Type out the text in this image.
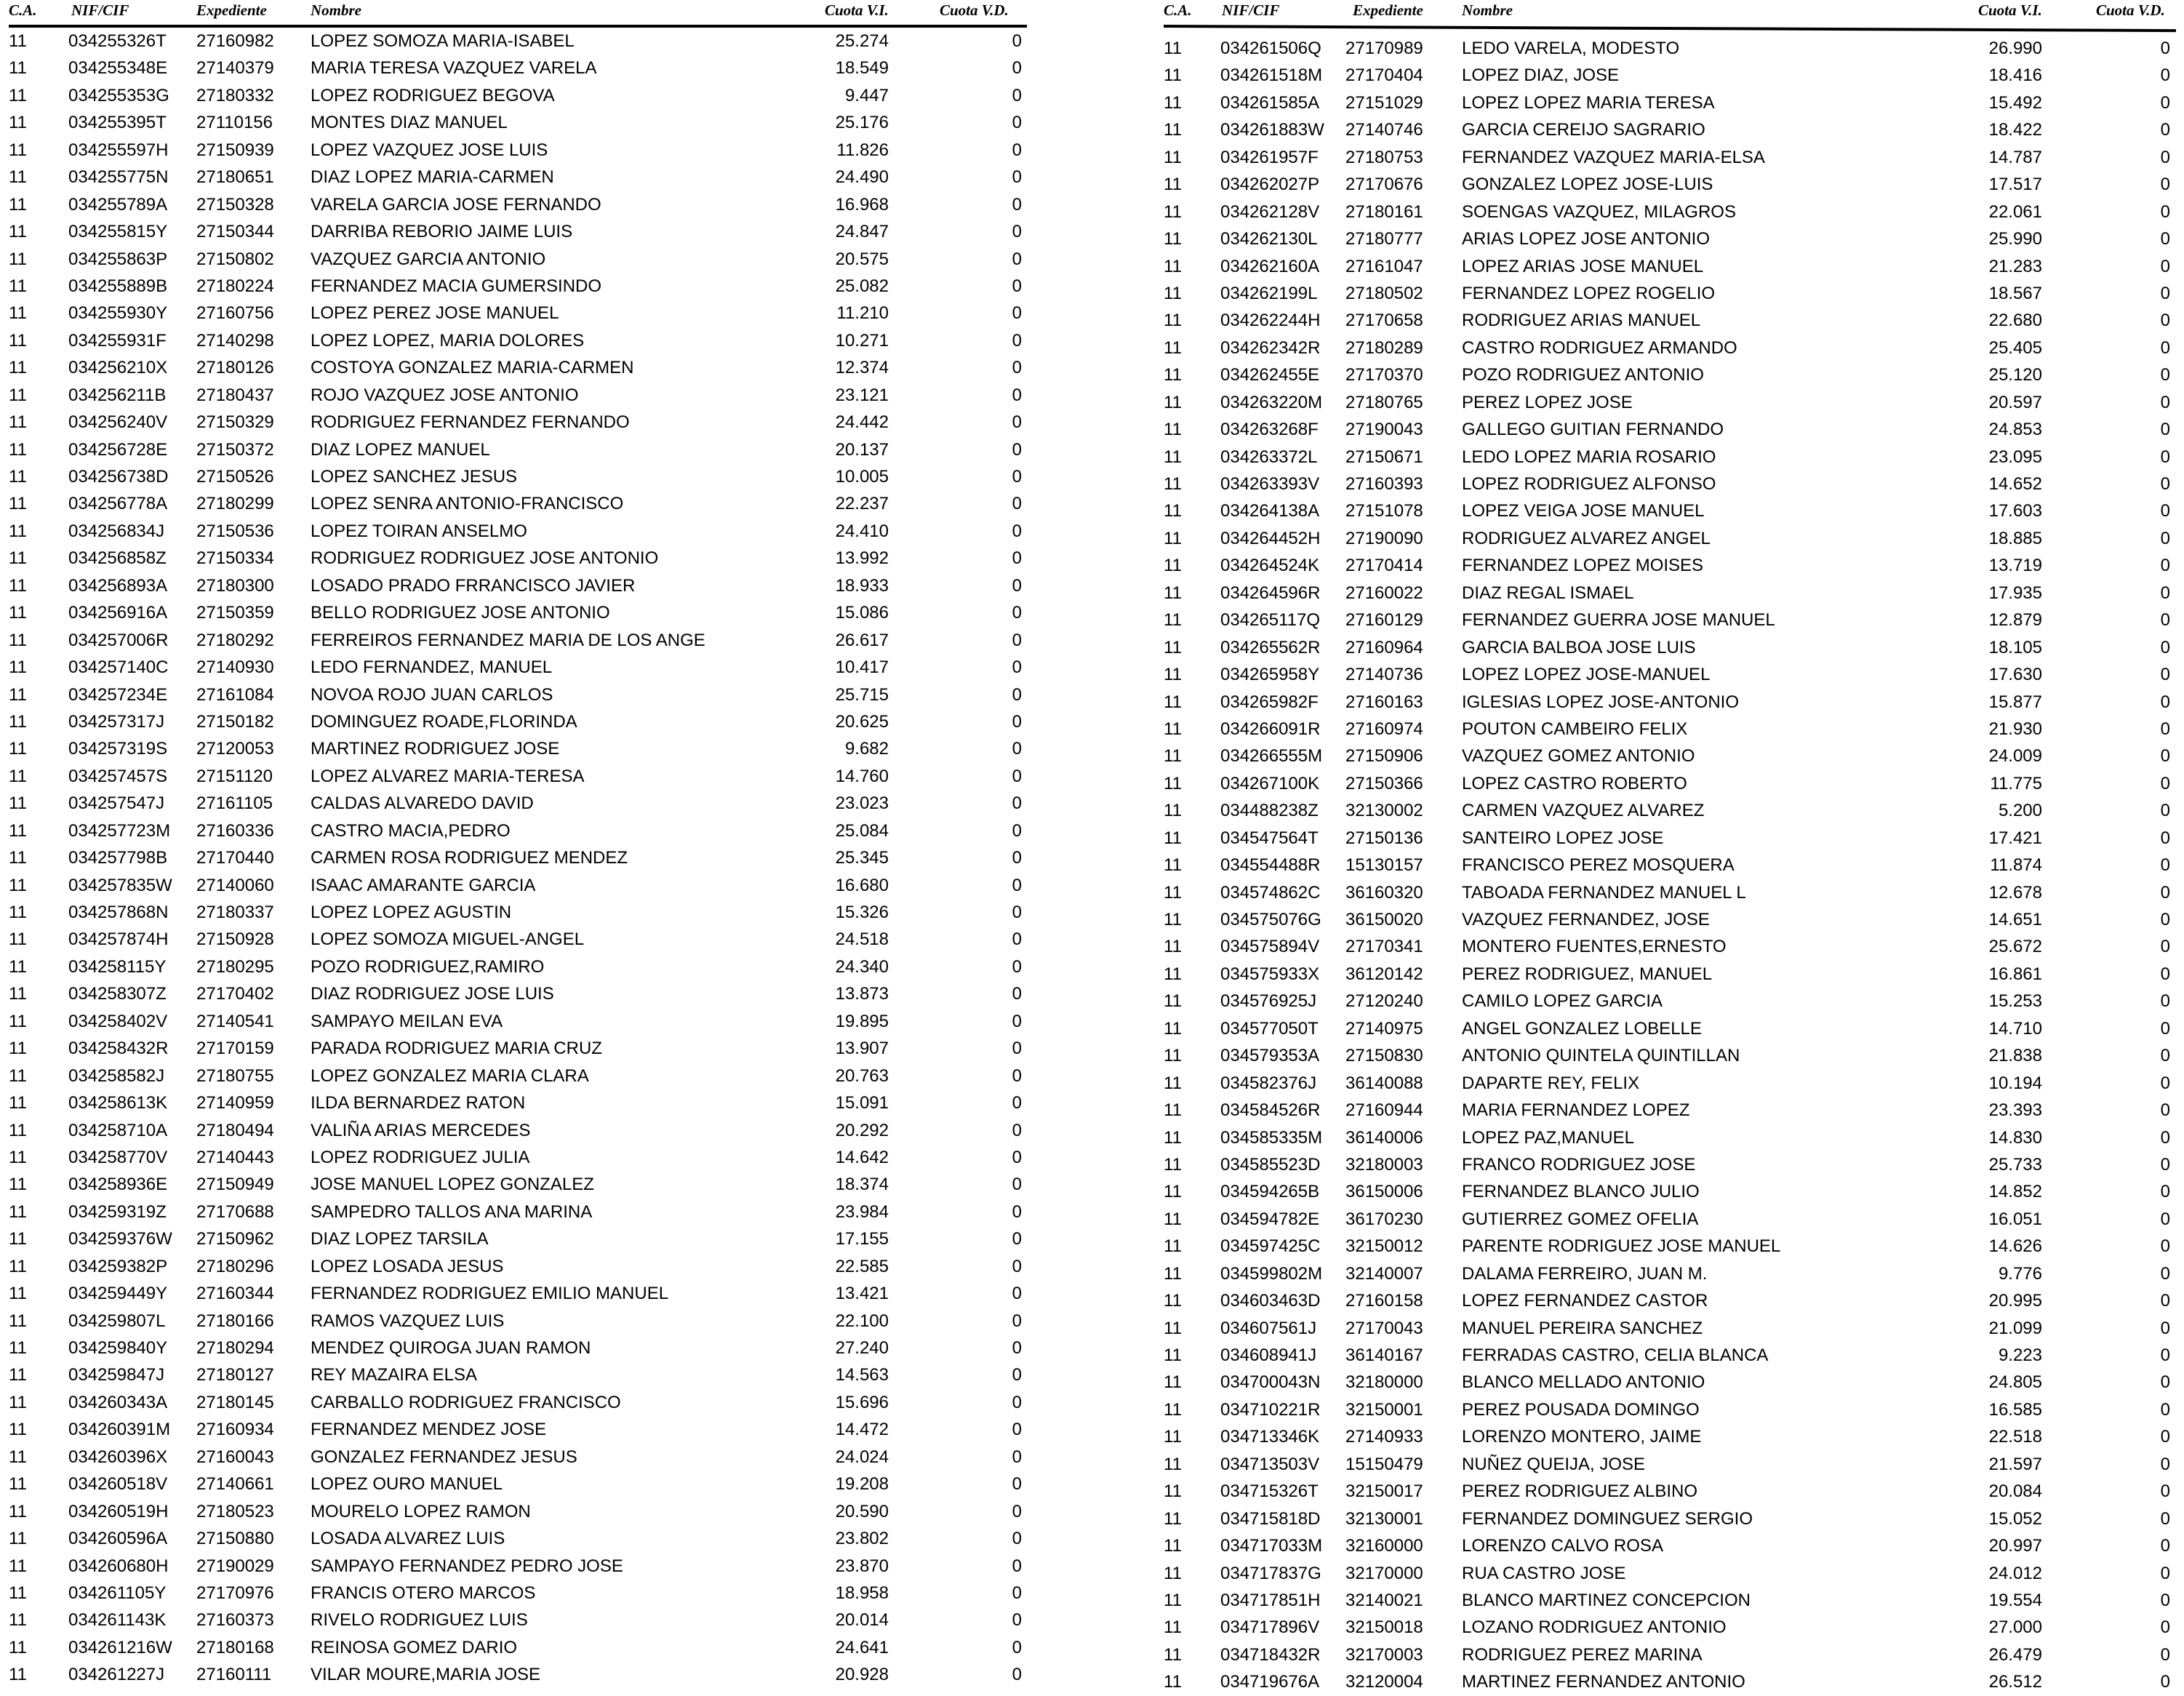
C.A. NIF/CIF	Expediente	Nombre	Cuota V.I.	Cuota V.D.
11 034255326T 27160982 LOPEZ SOMOZA MARIA-ISABEL	25.274	0
11 034255348E 27140379 MARIA TERESA VAZQUEZ VARELA	18.549	0
11 034255353G 27180332 LOPEZ RODRIGUEZ BEGOVA	9.447	0
11 034255395T 27110156 MONTES DIAZ MANUEL	25.176	0
11 034255597H 27150939 LOPEZ VAZQUEZ JOSE LUIS	11.826	0
11 034255775N 27180651 DIAZ LOPEZ MARIA-CARMEN	24.490	0
11 034255789A 27150328 VARELA GARCIA JOSE FERNANDO	16.968	0
11 034255815Y 27150344 DARRIBA REBORIO JAIME LUIS	24.847	0
11 034255863P 27150802 VAZQUEZ GARCIA ANTONIO	20.575	0
11 034255889B 27180224 FERNANDEZ MACIA GUMERSINDO	25.082	0
11 034255930Y 27160756 LOPEZ PEREZ JOSE MANUEL	11.210	0
11 034255931F 27140298 LOPEZ LOPEZ, MARIA DOLORES	10.271	0
11 034256210X 27180126 COSTOYA GONZALEZ MARIA-CARMEN	12.374	0
11 034256211B 27180437 ROJO VAZQUEZ JOSE ANTONIO	23.121	0
11 034256240V 27150329 RODRIGUEZ FERNANDEZ FERNANDO	24.442	0
11 034256728E 27150372 DIAZ LOPEZ MANUEL	20.137	0
11 034256738D 27150526 LOPEZ SANCHEZ JESUS	10.005	0
11 034256778A 27180299 LOPEZ SENRA ANTONIO-FRANCISCO	22.237	0
11 034256834J 27150536 LOPEZ TOIRAN ANSELMO	24.410	0
11 034256858Z 27150334 RODRIGUEZ RODRIGUEZ JOSE ANTONIO	13.992	0
11 034256893A 27180300 LOSADO PRADO FRRANCISCO JAVIER	18.933	0
11 034256916A 27150359 BELLO RODRIGUEZ JOSE ANTONIO	15.086	0
11 034257006R 27180292 FERREIROS FERNANDEZ MARIA DE LOS ANGE	26.617	0
11 034257140C 27140930 LEDO FERNANDEZ, MANUEL	10.417	0
11 034257234E 27161084 NOVOA ROJO JUAN CARLOS	25.715	0
11 034257317J 27150182 DOMINGUEZ ROADE,FLORINDA	20.625	0
11 034257319S 27120053 MARTINEZ RODRIGUEZ JOSE	9.682	0
11 034257457S 27151120 LOPEZ ALVAREZ MARIA-TERESA	14.760	0
11 034257547J 27161105 CALDAS ALVAREDO DAVID	23.023	0
11 034257723M 27160336 CASTRO MACIA,PEDRO	25.084	0
11 034257798B 27170440 CARMEN ROSA RODRIGUEZ MENDEZ	25.345	0
11 034257835W 27140060 ISAAC AMARANTE GARCIA	16.680	0
11 034257868N 27180337 LOPEZ LOPEZ AGUSTIN	15.326	0
11 034257874H 27150928 LOPEZ SOMOZA MIGUEL-ANGEL	24.518	0
11 034258115Y 27180295 POZO RODRIGUEZ,RAMIRO	24.340	0
11 034258307Z 27170402 DIAZ RODRIGUEZ JOSE LUIS	13.873	0
11 034258402V 27140541 SAMPAYO MEILAN EVA	19.895	0
11 034258432R 27170159 PARADA RODRIGUEZ MARIA CRUZ	13.907	0
11 034258582J 27180755 LOPEZ GONZALEZ MARIA CLARA	20.763	0
11 034258613K 27140959 ILDA BERNARDEZ RATON	15.091	0
11 034258710A 27180494 VALIÑA ARIAS MERCEDES	20.292	0
11 034258770V 27140443 LOPEZ RODRIGUEZ JULIA	14.642	0
11 034258936E 27150949 JOSE MANUEL LOPEZ GONZALEZ	18.374	0
11 034259319Z 27170688 SAMPEDRO TALLOS ANA MARINA	23.984	0
11 034259376W 27150962 DIAZ LOPEZ TARSILA	17.155	0
11 034259382P 27180296 LOPEZ LOSADA JESUS	22.585	0
11 034259449Y 27160344 FERNANDEZ RODRIGUEZ EMILIO MANUEL	13.421	0
11 034259807L 27180166 RAMOS VAZQUEZ LUIS	22.100	0
11 034259840Y 27180294 MENDEZ QUIROGA JUAN RAMON	27.240	0
11 034259847J 27180127 REY MAZAIRA ELSA	14.563	0
11 034260343A 27180145 CARBALLO RODRIGUEZ FRANCISCO	15.696	0
11 034260391M 27160934 FERNANDEZ MENDEZ JOSE	14.472	0
11 034260396X 27160043 GONZALEZ FERNANDEZ JESUS	24.024	0
11 034260518V 27140661 LOPEZ OURO MANUEL	19.208	0
11 034260519H 27180523 MOURELO LOPEZ RAMON	20.590	0
11 034260596A 27150880 LOSADA ALVAREZ LUIS	23.802	0
11 034260680H 27190029 SAMPAYO FERNANDEZ PEDRO JOSE	23.870	0
11 034261105Y 27170976 FRANCIS OTERO MARCOS	18.958	0
11 034261143K 27160373 RIVELO RODRIGUEZ LUIS	20.014	0
11 034261216W 27180168 REINOSA GOMEZ DARIO	24.641	0
11 034261227J 27160111 VILAR MOURE,MARIA JOSE	20.928	0
C.A. NIF/CIF	Expediente	Nombre	Cuota V.I.	Cuota V.D.
11 034261506Q 27170989 LEDO VARELA, MODESTO	26.990	0
11 034261518M 27170404 LOPEZ DIAZ, JOSE	18.416	0
11 034261585A 27151029 LOPEZ LOPEZ MARIA TERESA	15.492	0
11 034261883W 27140746 GARCIA CEREIJO SAGRARIO	18.422	0
11 034261957F 27180753 FERNANDEZ VAZQUEZ MARIA-ELSA	14.787	0
11 034262027P 27170676 GONZALEZ LOPEZ JOSE-LUIS	17.517	0
11 034262128V 27180161 SOENGAS VAZQUEZ, MILAGROS	22.061	0
11 034262130L 27180777 ARIAS LOPEZ JOSE ANTONIO	25.990	0
11 034262160A 27161047 LOPEZ ARIAS JOSE MANUEL	21.283	0
11 034262199L 27180502 FERNANDEZ LOPEZ ROGELIO	18.567	0
11 034262244H 27170658 RODRIGUEZ ARIAS MANUEL	22.680	0
11 034262342R 27180289 CASTRO RODRIGUEZ ARMANDO	25.405	0
11 034262455E 27170370 POZO RODRIGUEZ ANTONIO	25.120	0
11 034263220M 27180765 PEREZ LOPEZ JOSE	20.597	0
11 034263268F 27190043 GALLEGO GUITIAN FERNANDO	24.853	0
11 034263372L 27150671 LEDO LOPEZ MARIA ROSARIO	23.095	0
11 034263393V 27160393 LOPEZ RODRIGUEZ ALFONSO	14.652	0
11 034264138A 27151078 LOPEZ VEIGA JOSE MANUEL	17.603	0
11 034264452H 27190090 RODRIGUEZ ALVAREZ ANGEL	18.885	0
11 034264524K 27170414 FERNANDEZ LOPEZ MOISES	13.719	0
11 034264596R 27160022 DIAZ REGAL ISMAEL	17.935	0
11 034265117Q 27160129 FERNANDEZ GUERRA JOSE MANUEL	12.879	0
11 034265562R 27160964 GARCIA BALBOA JOSE LUIS	18.105	0
11 034265958Y 27140736 LOPEZ LOPEZ JOSE-MANUEL	17.630	0
11 034265982F 27160163 IGLESIAS LOPEZ JOSE-ANTONIO	15.877	0
11 034266091R 27160974 POUTON CAMBEIRO FELIX	21.930	0
11 034266555M 27150906 VAZQUEZ GOMEZ ANTONIO	24.009	0
11 034267100K 27150366 LOPEZ CASTRO ROBERTO	11.775	0
11 034488238Z 32130002 CARMEN VAZQUEZ ALVAREZ	5.200	0
11 034547564T 27150136 SANTEIRO LOPEZ JOSE	17.421	0
11 034554488R 15130157 FRANCISCO PEREZ MOSQUERA	11.874	0
11 034574862C 36160320 TABOADA FERNANDEZ MANUEL L	12.678	0
11 034575076G 36150020 VAZQUEZ FERNANDEZ, JOSE	14.651	0
11 034575894V 27170341 MONTERO FUENTES,ERNESTO	25.672	0
11 034575933X 36120142 PEREZ RODRIGUEZ, MANUEL	16.861	0
11 034576925J 27120240 CAMILO LOPEZ GARCIA	15.253	0
11 034577050T 27140975 ANGEL GONZALEZ LOBELLE	14.710	0
11 034579353A 27150830 ANTONIO QUINTELA QUINTILLAN	21.838	0
11 034582376J 36140088 DAPARTE REY, FELIX	10.194	0
11 034584526R 27160944 MARIA FERNANDEZ LOPEZ	23.393	0
11 034585335M 36140006 LOPEZ PAZ,MANUEL	14.830	0
11 034585523D 32180003 FRANCO RODRIGUEZ JOSE	25.733	0
11 034594265B 36150006 FERNANDEZ BLANCO JULIO	14.852	0
11 034594782E 36170230 GUTIERREZ GOMEZ OFELIA	16.051	0
11 034597425C 32150012 PARENTE RODRIGUEZ JOSE MANUEL	14.626	0
11 034599802M 32140007 DALAMA FERREIRO, JUAN M.	9.776	0
11 034603463D 27160158 LOPEZ FERNANDEZ CASTOR	20.995	0
11 034607561J 27170043 MANUEL PEREIRA SANCHEZ	21.099	0
11 034608941J 36140167 FERRADAS CASTRO, CELIA BLANCA	9.223	0
11 034700043N 32180000 BLANCO MELLADO ANTONIO	24.805	0
11 034710221R 32150001 PEREZ POUSADA DOMINGO	16.585	0
11 034713346K 27140933 LORENZO MONTERO, JAIME	22.518	0
11 034713503V 15150479 NUÑEZ QUEIJA, JOSE	21.597	0
11 034715326T 32150017 PEREZ RODRIGUEZ ALBINO	20.084	0
11 034715818D 32130001 FERNANDEZ DOMINGUEZ SERGIO	15.052	0
11 034717033M 32160000 LORENZO CALVO ROSA	20.997	0
11 034717837G 32170000 RUA CASTRO JOSE	24.012	0
11 034717851H 32140021 BLANCO MARTINEZ CONCEPCION	19.554	0
11 034717896V 32150018 LOZANO RODRIGUEZ ANTONIO	27.000	0
11 034718432R 32170003 RODRIGUEZ PEREZ MARINA	26.479	0
11 034719676A 32120004 MARTINEZ FERNANDEZ ANTONIO	26.512	0
